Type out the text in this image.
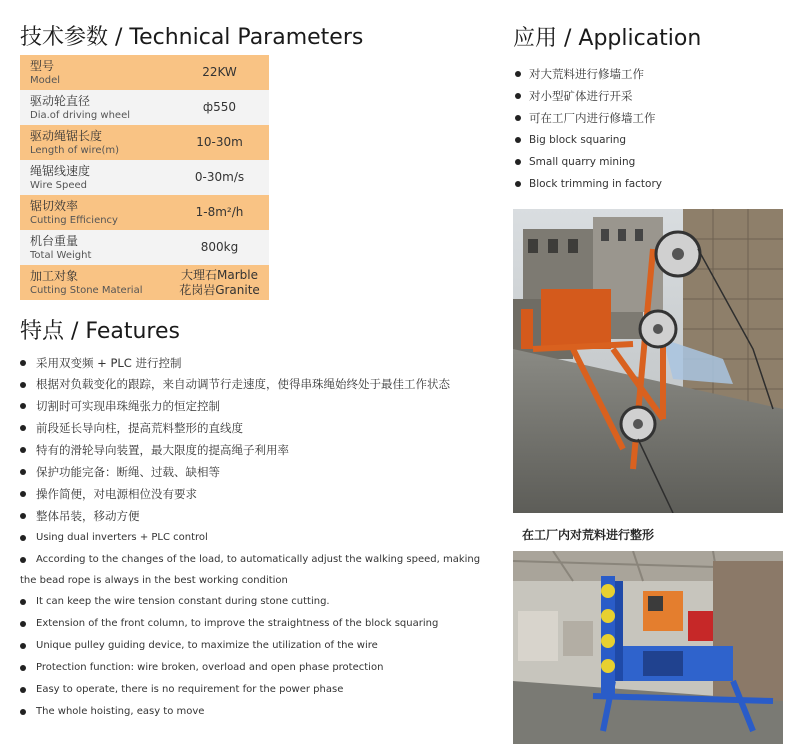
技术参数 / Technical Parameters
型号
Model	22KW

驱动轮直径
Dia.of driving wheel	ф550

驱动绳锯长度
Length of wire(m)	10-30m

绳锯线速度
Wire Speed	0-30m/s

锯切效率
Cutting Efficiency	1-8m²/h

机台重量
Total Weight	800kg

加工对象
Cutting Stone Material	大理石Marble
花岗岩Granite
特点 / Features
采用双变频 + PLC 进行控制
根据对负载变化的跟踪，来自动调节行走速度，使得串珠绳始终处于最佳工作状态
切割时可实现串珠绳张力的恒定控制
前段延长导向柱，提高荒料整形的直线度
特有的滑轮导向装置，最大限度的提高绳子利用率
保护功能完备：断绳、过载、缺相等
操作简便，对电源相位没有要求
整体吊装，移动方便
Using dual inverters + PLC control
According to the changes of the load, to automatically adjust the walking speed, making the bead rope is always in the best working condition
It can keep the wire tension constant during stone cutting.
Extension of the front column, to improve the straightness of the block squaring
Unique pulley guiding device, to maximize the utilization of the wire
Protection function: wire broken, overload and open phase protection
Easy to operate, there is no requirement for the power phase
The whole hoisting, easy to move
应用 / Application
对大荒料进行修墙工作
对小型矿体进行开采
可在工厂内进行修墙工作
Big block squaring
Small quarry mining
Block trimming in factory
在工厂内对荒料进行整形
